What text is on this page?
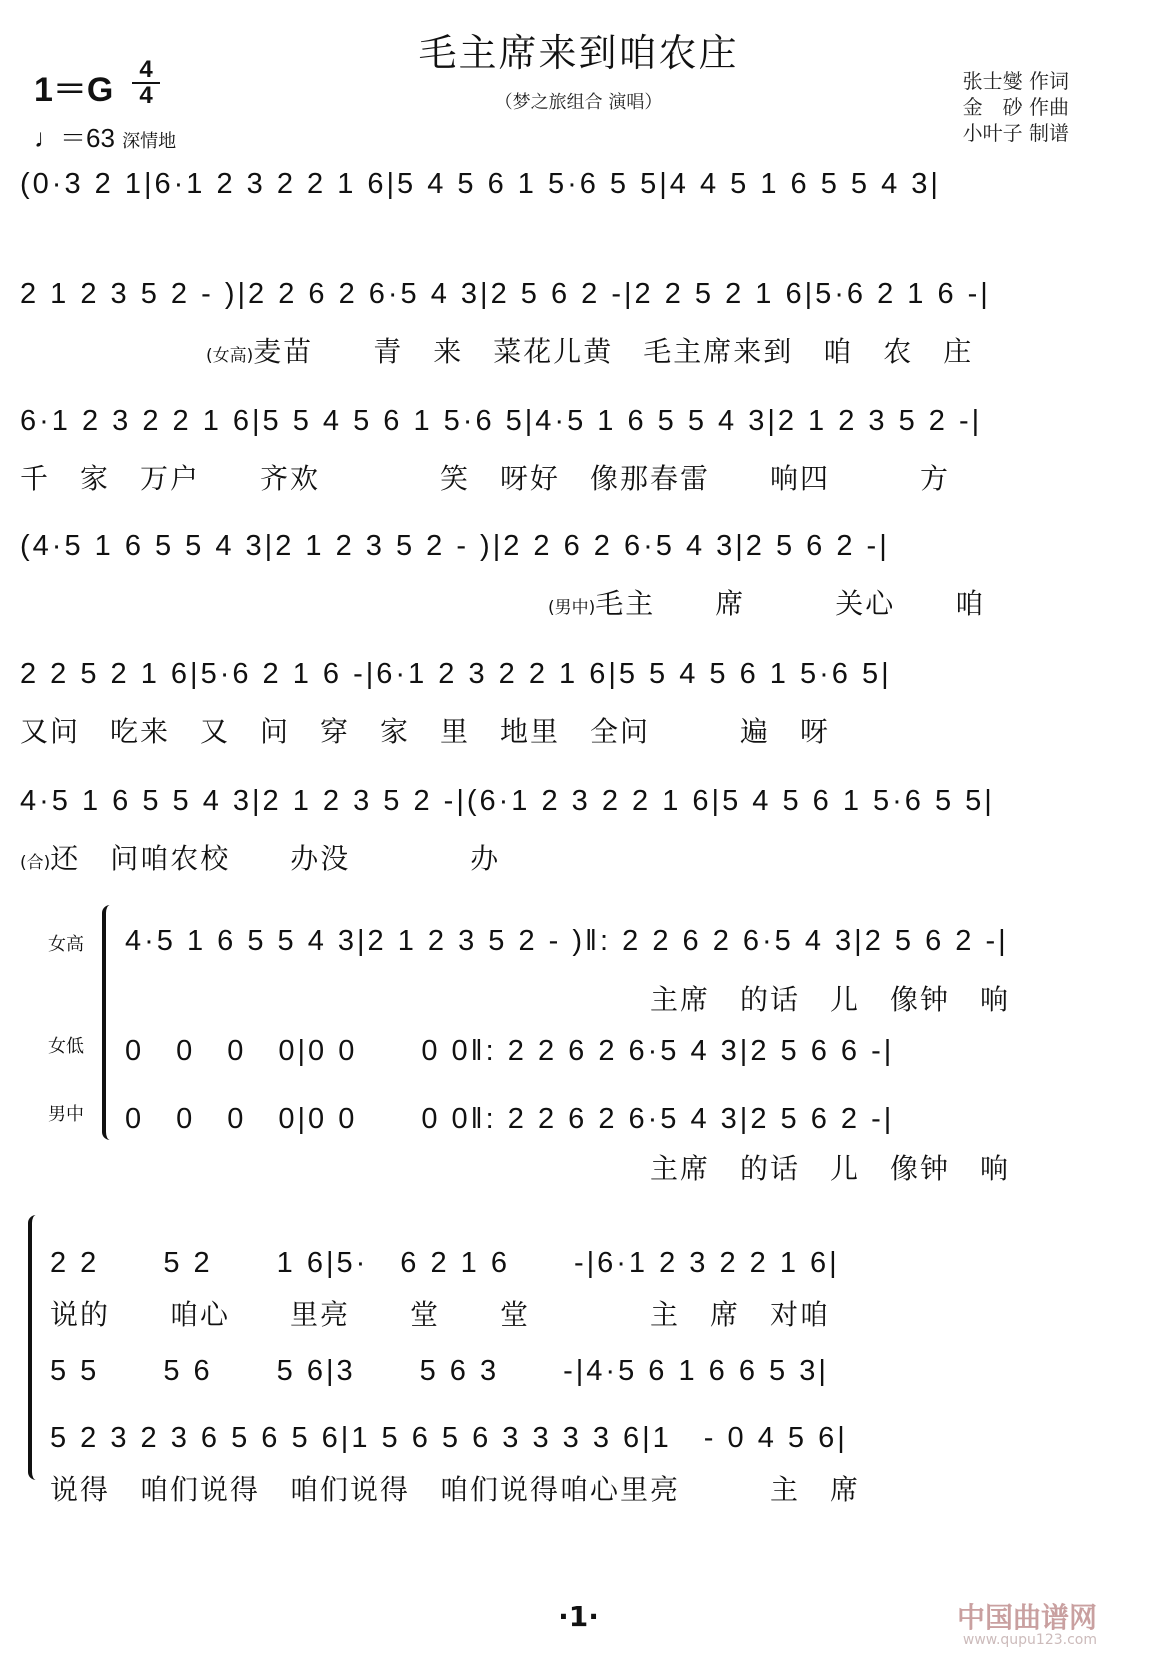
毛主席来到咱农庄
（梦之旅组合 演唱）
1＝G
4
4
♩＝63 深情地
张士燮 作词
金　砂 作曲
小叶子 制谱
(0·3 2 1|6·1 2 3 2 2 1 6|5 4 5 6 1 5·6 5 5|4 4 5 1 6 5 5 4 3|
2 1 2 3 5 2 - )|2 2 6 2 6·5 4 3|2 5 6 2 -|2 2 5 2 1 6|5·6 2 1 6 -|
(女高)麦苗　　青　来　菜花儿黄　毛主席来到　咱　农　庄
6·1 2 3 2 2 1 6|5 5 4 5 6 1 5·6 5|4·5 1 6 5 5 4 3|2 1 2 3 5 2 -|
千　家　万户　　齐欢　　　　笑　呀好　像那春雷　　响四　　　方
(4·5 1 6 5 5 4 3|2 1 2 3 5 2 - )|2 2 6 2 6·5 4 3|2 5 6 2 -|
(男中)毛主　　席　　　关心　　咱
2 2 5 2 1 6|5·6 2 1 6 -|6·1 2 3 2 2 1 6|5 5 4 5 6 1 5·6 5|
又问　吃来　又　问　穿　家　里　地里　全问　　　遍　呀
4·5 1 6 5 5 4 3|2 1 2 3 5 2 -|(6·1 2 3 2 2 1 6|5 4 5 6 1 5·6 5 5|
(合)还　问咱农校　　办没　　　　办
女高
女低
男中
4·5 1 6 5 5 4 3|2 1 2 3 5 2 - )‖: 2 2 6 2 6·5 4 3|2 5 6 2 -|
主席　的话　儿　像钟　响
0　0　0　0|0 0　　0 0‖: 2 2 6 2 6·5 4 3|2 5 6 6 -|
0　0　0　0|0 0　　0 0‖: 2 2 6 2 6·5 4 3|2 5 6 2 -|
主席　的话　儿　像钟　响
2 2　　5 2　　1 6|5·　6 2 1 6　　-|6·1 2 3 2 2 1 6|
说的　　咱心　　里亮　　堂　　堂　　　　主　席　对咱
5 5　　5 6　　5 6|3　　5 6 3　　-|4·5 6 1 6 6 5 3|
5 2 3 2 3 6 5 6 5 6|1 5 6 5 6 3 3 3 3 6|1　- 0 4 5 6|
说得　咱们说得　咱们说得　咱们说得咱心里亮　　　主　席
·1·	中国曲谱网
www.qupu123.com
